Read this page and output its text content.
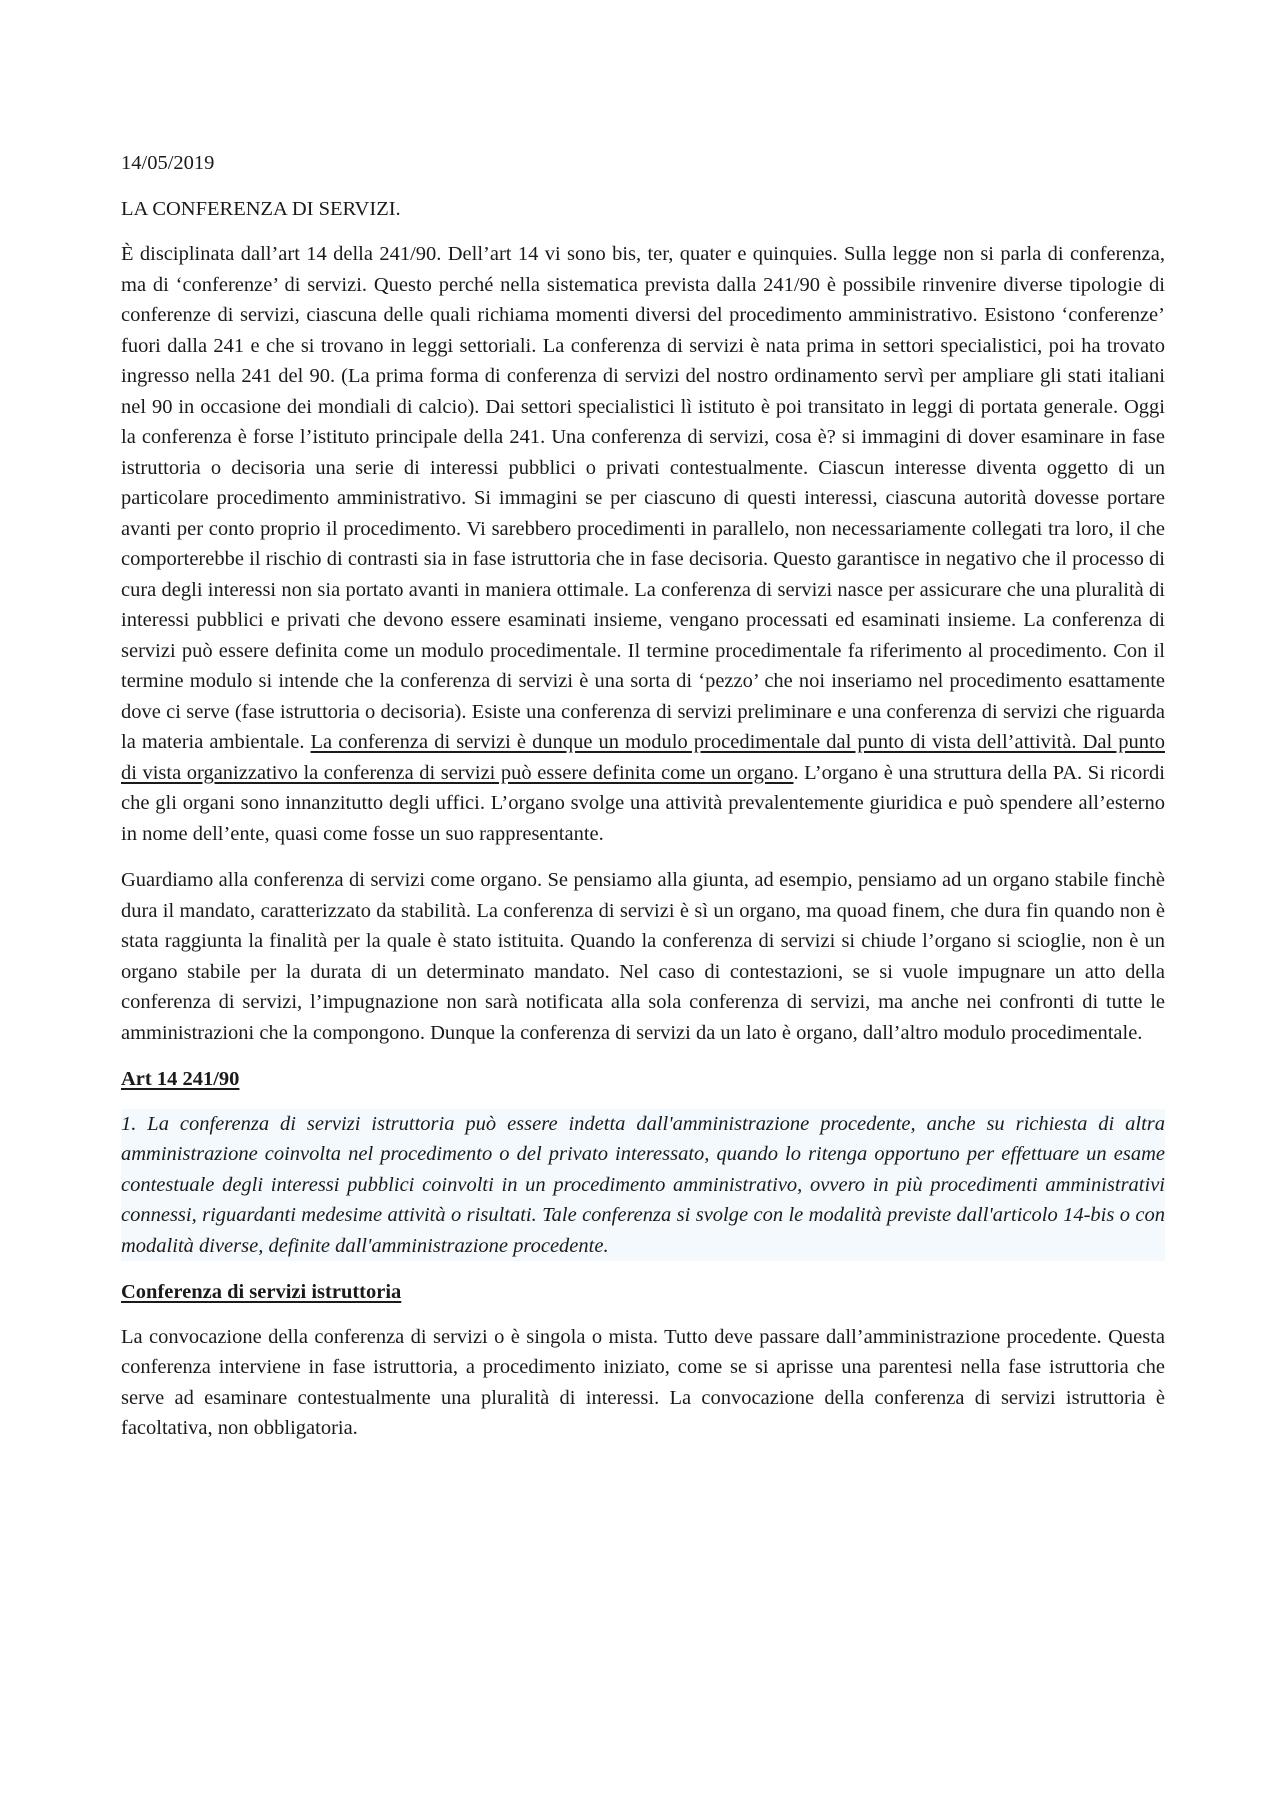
14/05/2019
LA CONFERENZA DI SERVIZI.

È disciplinata dall’art 14 della 241/90. Dell’art 14 vi sono bis, ter, quater e quinquies. Sulla legge non si parla di conferenza, ma di ‘conferenze’ di servizi. Questo perché nella sistematica prevista dalla 241/90 è possibile rinvenire diverse tipologie di conferenze di servizi, ciascuna delle quali richiama momenti diversi del procedimento amministrativo. Esistono ‘conferenze’ fuori dalla 241 e che si trovano in leggi settoriali. La conferenza di servizi è nata prima in settori specialistici, poi ha trovato ingresso nella 241 del 90. (La prima forma di conferenza di servizi del nostro ordinamento servì per ampliare gli stati italiani nel 90 in occasione dei mondiali di calcio). Dai settori specialistici lì istituto è poi transitato in leggi di portata generale. Oggi la conferenza è forse l’istituto principale della 241. Una conferenza di servizi, cosa è? si immagini di dover esaminare in fase istruttoria o decisoria una serie di interessi pubblici o privati contestualmente. Ciascun interesse diventa oggetto di un particolare procedimento amministrativo. Si immagini se per ciascuno di questi interessi, ciascuna autorità dovesse portare avanti per conto proprio il procedimento. Vi sarebbero procedimenti in parallelo, non necessariamente collegati tra loro, il che comporterebbe il rischio di contrasti sia in fase istruttoria che in fase decisoria. Questo garantisce in negativo che il processo di cura degli interessi non sia portato avanti in maniera ottimale. La conferenza di servizi nasce per assicurare che una pluralità di interessi pubblici e privati che devono essere esaminati insieme, vengano processati ed esaminati insieme. La conferenza di servizi può essere definita come un modulo procedimentale. Il termine procedimentale fa riferimento al procedimento. Con il termine modulo si intende che la conferenza di servizi è una sorta di ‘pezzo’ che noi inseriamo nel procedimento esattamente dove ci serve (fase istruttoria o decisoria). Esiste una conferenza di servizi preliminare e una conferenza di servizi che riguarda la materia ambientale. La conferenza di servizi è dunque un modulo procedimentale dal punto di vista dell’attività. Dal punto di vista organizzativo la conferenza di servizi può essere definita come un organo. L’organo è una struttura della PA. Si ricordi che gli organi sono innanzitutto degli uffici. L’organo svolge una attività prevalentemente giuridica e può spendere all’esterno in nome dell’ente, quasi come fosse un suo rappresentante.

Guardiamo alla conferenza di servizi come organo. Se pensiamo alla giunta, ad esempio, pensiamo ad un organo stabile finchè dura il mandato, caratterizzato da stabilità. La conferenza di servizi è sì un organo, ma quoad finem, che dura fin quando non è stata raggiunta la finalità per la quale è stato istituita. Quando la conferenza di servizi si chiude l’organo si scioglie, non è un organo stabile per la durata di un determinato mandato. Nel caso di contestazioni, se si vuole impugnare un atto della conferenza di servizi, l’impugnazione non sarà notificata alla sola conferenza di servizi, ma anche nei confronti di tutte le amministrazioni che la compongono. Dunque la conferenza di servizi da un lato è organo, dall’altro modulo procedimentale.

Art 14 241/90

1. La conferenza di servizi istruttoria può essere indetta dall'amministrazione procedente, anche su richiesta di altra amministrazione coinvolta nel procedimento o del privato interessato, quando lo ritenga opportuno per effettuare un esame contestuale degli interessi pubblici coinvolti in un procedimento amministrativo, ovvero in più procedimenti amministrativi connessi, riguardanti medesime attività o risultati. Tale conferenza si svolge con le modalità previste dall'articolo 14-bis o con modalità diverse, definite dall'amministrazione procedente.

Conferenza di servizi istruttoria

La convocazione della conferenza di servizi o è singola o mista. Tutto deve passare dall’amministrazione procedente. Questa conferenza interviene in fase istruttoria, a procedimento iniziato, come se si aprisse una parentesi nella fase istruttoria che serve ad esaminare contestualmente una pluralità di interessi. La convocazione della conferenza di servizi istruttoria è facoltativa, non obbligatoria.
